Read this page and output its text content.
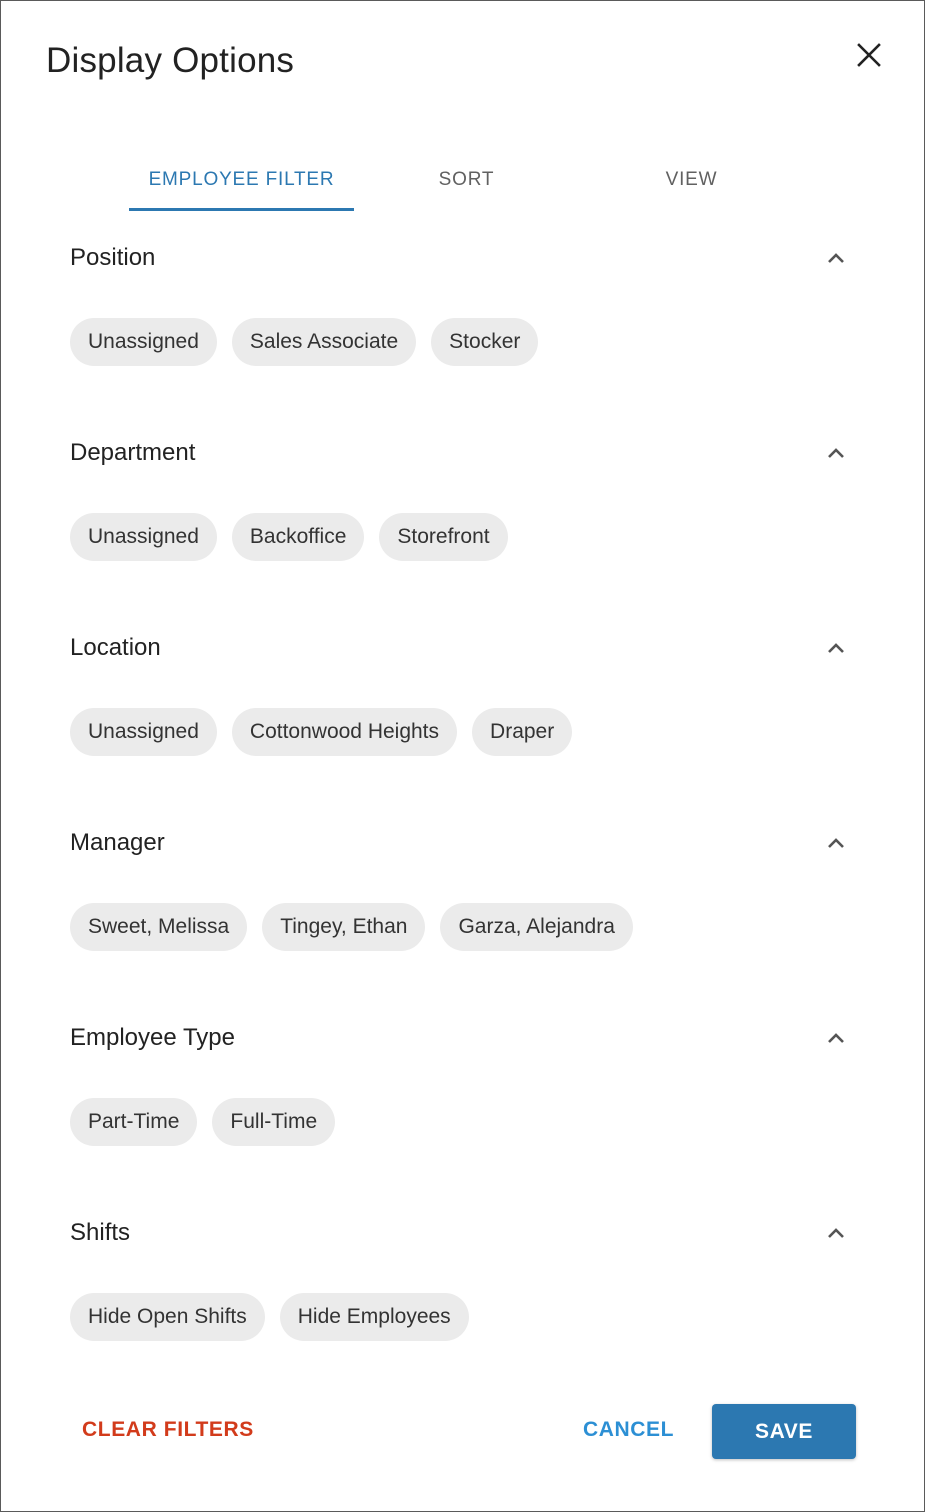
Display Options
EMPLOYEE FILTER	SORT	VIEW
Position
Unassigned	Sales Associate	Stocker
Department
Unassigned	Backoffice	Storefront
Location
Unassigned	Cottonwood Heights	Draper
Manager
Sweet, Melissa	Tingey, Ethan	Garza, Alejandra
Employee Type
Part-Time	Full-Time
Shifts
Hide Open Shifts	Hide Employees
CLEAR FILTERS	CANCEL	SAVE
